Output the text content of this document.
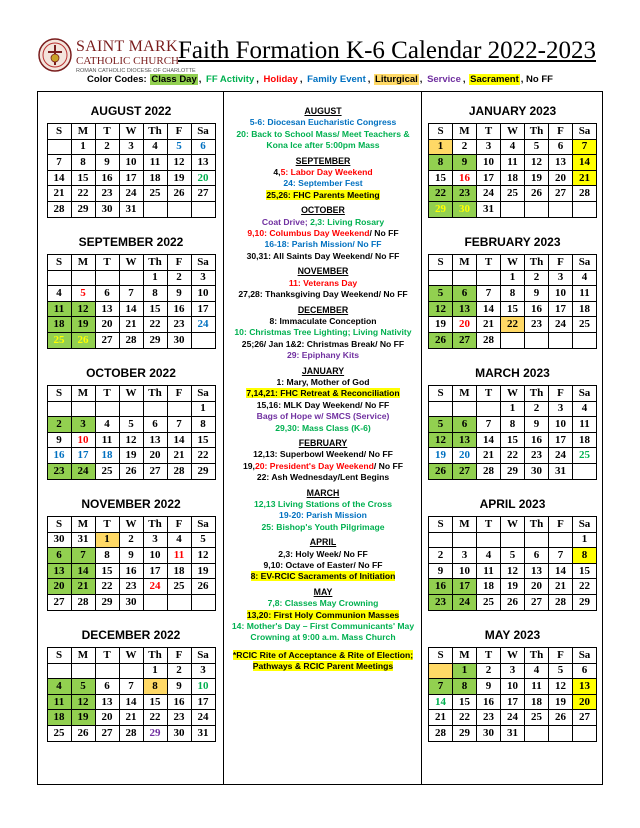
SAINT MARK
CATHOLIC CHURCH
ROMAN CATHOLIC DIOCESE OF CHARLOTTE
Faith Formation K-6 Calendar 2022-2023
Color Codes: Class Day , FF Activity , Holiday , Family Event , Liturgical , Service , Sacrament , No FF
AUGUST 2022
S	M	T	W	Th	F	Sa
	1	2	3	4	5	6
7	8	9	10	11	12	13
14	15	16	17	18	19	20
21	22	23	24	25	26	27
28	29	30	31			
SEPTEMBER 2022
S	M	T	W	Th	F	Sa
				1	2	3
4	5	6	7	8	9	10
11	12	13	14	15	16	17
18	19	20	21	22	23	24
25	26	27	28	29	30	
OCTOBER 2022
S	M	T	W	Th	F	Sa
						1
2	3	4	5	6	7	8
9	10	11	12	13	14	15
16	17	18	19	20	21	22
23	24	25	26	27	28	29
NOVEMBER 2022
S	M	T	W	Th	F	Sa
30	31	1	2	3	4	5
6	7	8	9	10	11	12
13	14	15	16	17	18	19
20	21	22	23	24	25	26
27	28	29	30			
DECEMBER 2022
S	M	T	W	Th	F	Sa
				1	2	3
4	5	6	7	8	9	10
11	12	13	14	15	16	17
18	19	20	21	22	23	24
25	26	27	28	29	30	31
JANUARY 2023
S	M	T	W	Th	F	Sa
1	2	3	4	5	6	7
8	9	10	11	12	13	14
15	16	17	18	19	20	21
22	23	24	25	26	27	28
29	30	31				
FEBRUARY 2023
S	M	T	W	Th	F	Sa
			1	2	3	4
5	6	7	8	9	10	11
12	13	14	15	16	17	18
19	20	21	22	23	24	25
26	27	28				
MARCH 2023
S	M	T	W	Th	F	Sa
			1	2	3	4
5	6	7	8	9	10	11
12	13	14	15	16	17	18
19	20	21	22	23	24	25
26	27	28	29	30	31	
APRIL 2023
S	M	T	W	Th	F	Sa
						1
2	3	4	5	6	7	8
9	10	11	12	13	14	15
16	17	18	19	20	21	22
23	24	25	26	27	28	29
MAY 2023
S	M	T	W	Th	F	Sa
	1	2	3	4	5	6
7	8	9	10	11	12	13
14	15	16	17	18	19	20
21	22	23	24	25	26	27
28	29	30	31			
AUGUST
5-6: Diocesan Eucharistic Congress
20: Back to School Mass/ Meet Teachers &
Kona Ice after 5:00pm Mass
SEPTEMBER
4,5: Labor Day Weekend
24: September Fest
25,26: FHC Parents Meeting
OCTOBER
Coat Drive; 2,3: Living Rosary
9,10: Columbus Day Weekend/ No FF
16-18: Parish Mission/ No FF
30,31: All Saints Day Weekend/ No FF
NOVEMBER
11: Veterans Day
27,28: Thanksgiving Day Weekend/ No FF
DECEMBER
8: Immaculate Conception
10: Christmas Tree Lighting; Living Nativity
25;26/ Jan 1&2: Christmas Break/ No FF
29: Epiphany Kits
JANUARY
1: Mary, Mother of God
7,14,21: FHC Retreat & Reconciliation
15,16: MLK Day Weekend/ No FF
Bags of Hope w/ SMCS (Service)
29,30: Mass Class (K-6)
FEBRUARY
12,13: Superbowl Weekend/ No FF
19,20: President's Day Weekend/ No FF
22: Ash Wednesday/Lent Begins
MARCH
12,13 Living Stations of the Cross
19-20: Parish Mission
25: Bishop's Youth Pilgrimage
APRIL
2,3: Holy Week/ No FF
9,10: Octave of Easter/ No FF
8: EV-RCIC Sacraments of Initiation
MAY
7,8: Classes May Crowning
13,20: First Holy Communion Masses
14: Mother's Day – First Communicants' May
Crowning at 9:00 a.m. Mass Church
*RCIC Rite of Acceptance & Rite of Election;
Pathways & RCIC Parent Meetings
